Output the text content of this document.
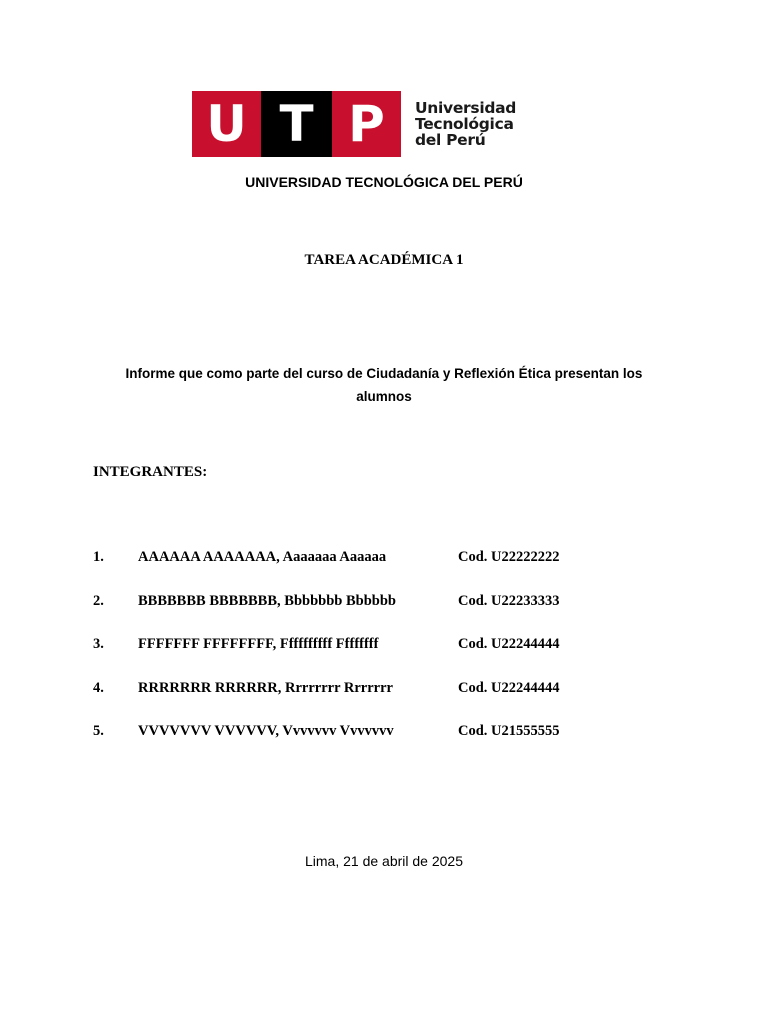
U T P	Universidad
Tecnológica
del Perú
UNIVERSIDAD TECNOLÓGICA DEL PERÚ
TAREA ACADÉMICA 1
Informe que como parte del curso de Ciudadanía y Reflexión Ética presentan los alumnos
INTEGRANTES:
1. AAAAAA AAAAAAA, Aaaaaaa Aaaaaa	Cod. U22222222
2. BBBBBBB BBBBBBB, Bbbbbbb Bbbbbb	Cod. U22233333
3. FFFFFFF FFFFFFFF, Ffffffffff Ffffffff	Cod. U22244444
4. RRRRRRR RRRRRR, Rrrrrrrr Rrrrrrr	Cod. U22244444
5. VVVVVVV VVVVVV, Vvvvvvv Vvvvvvv	Cod. U21555555
Lima, 21 de abril de 2025
